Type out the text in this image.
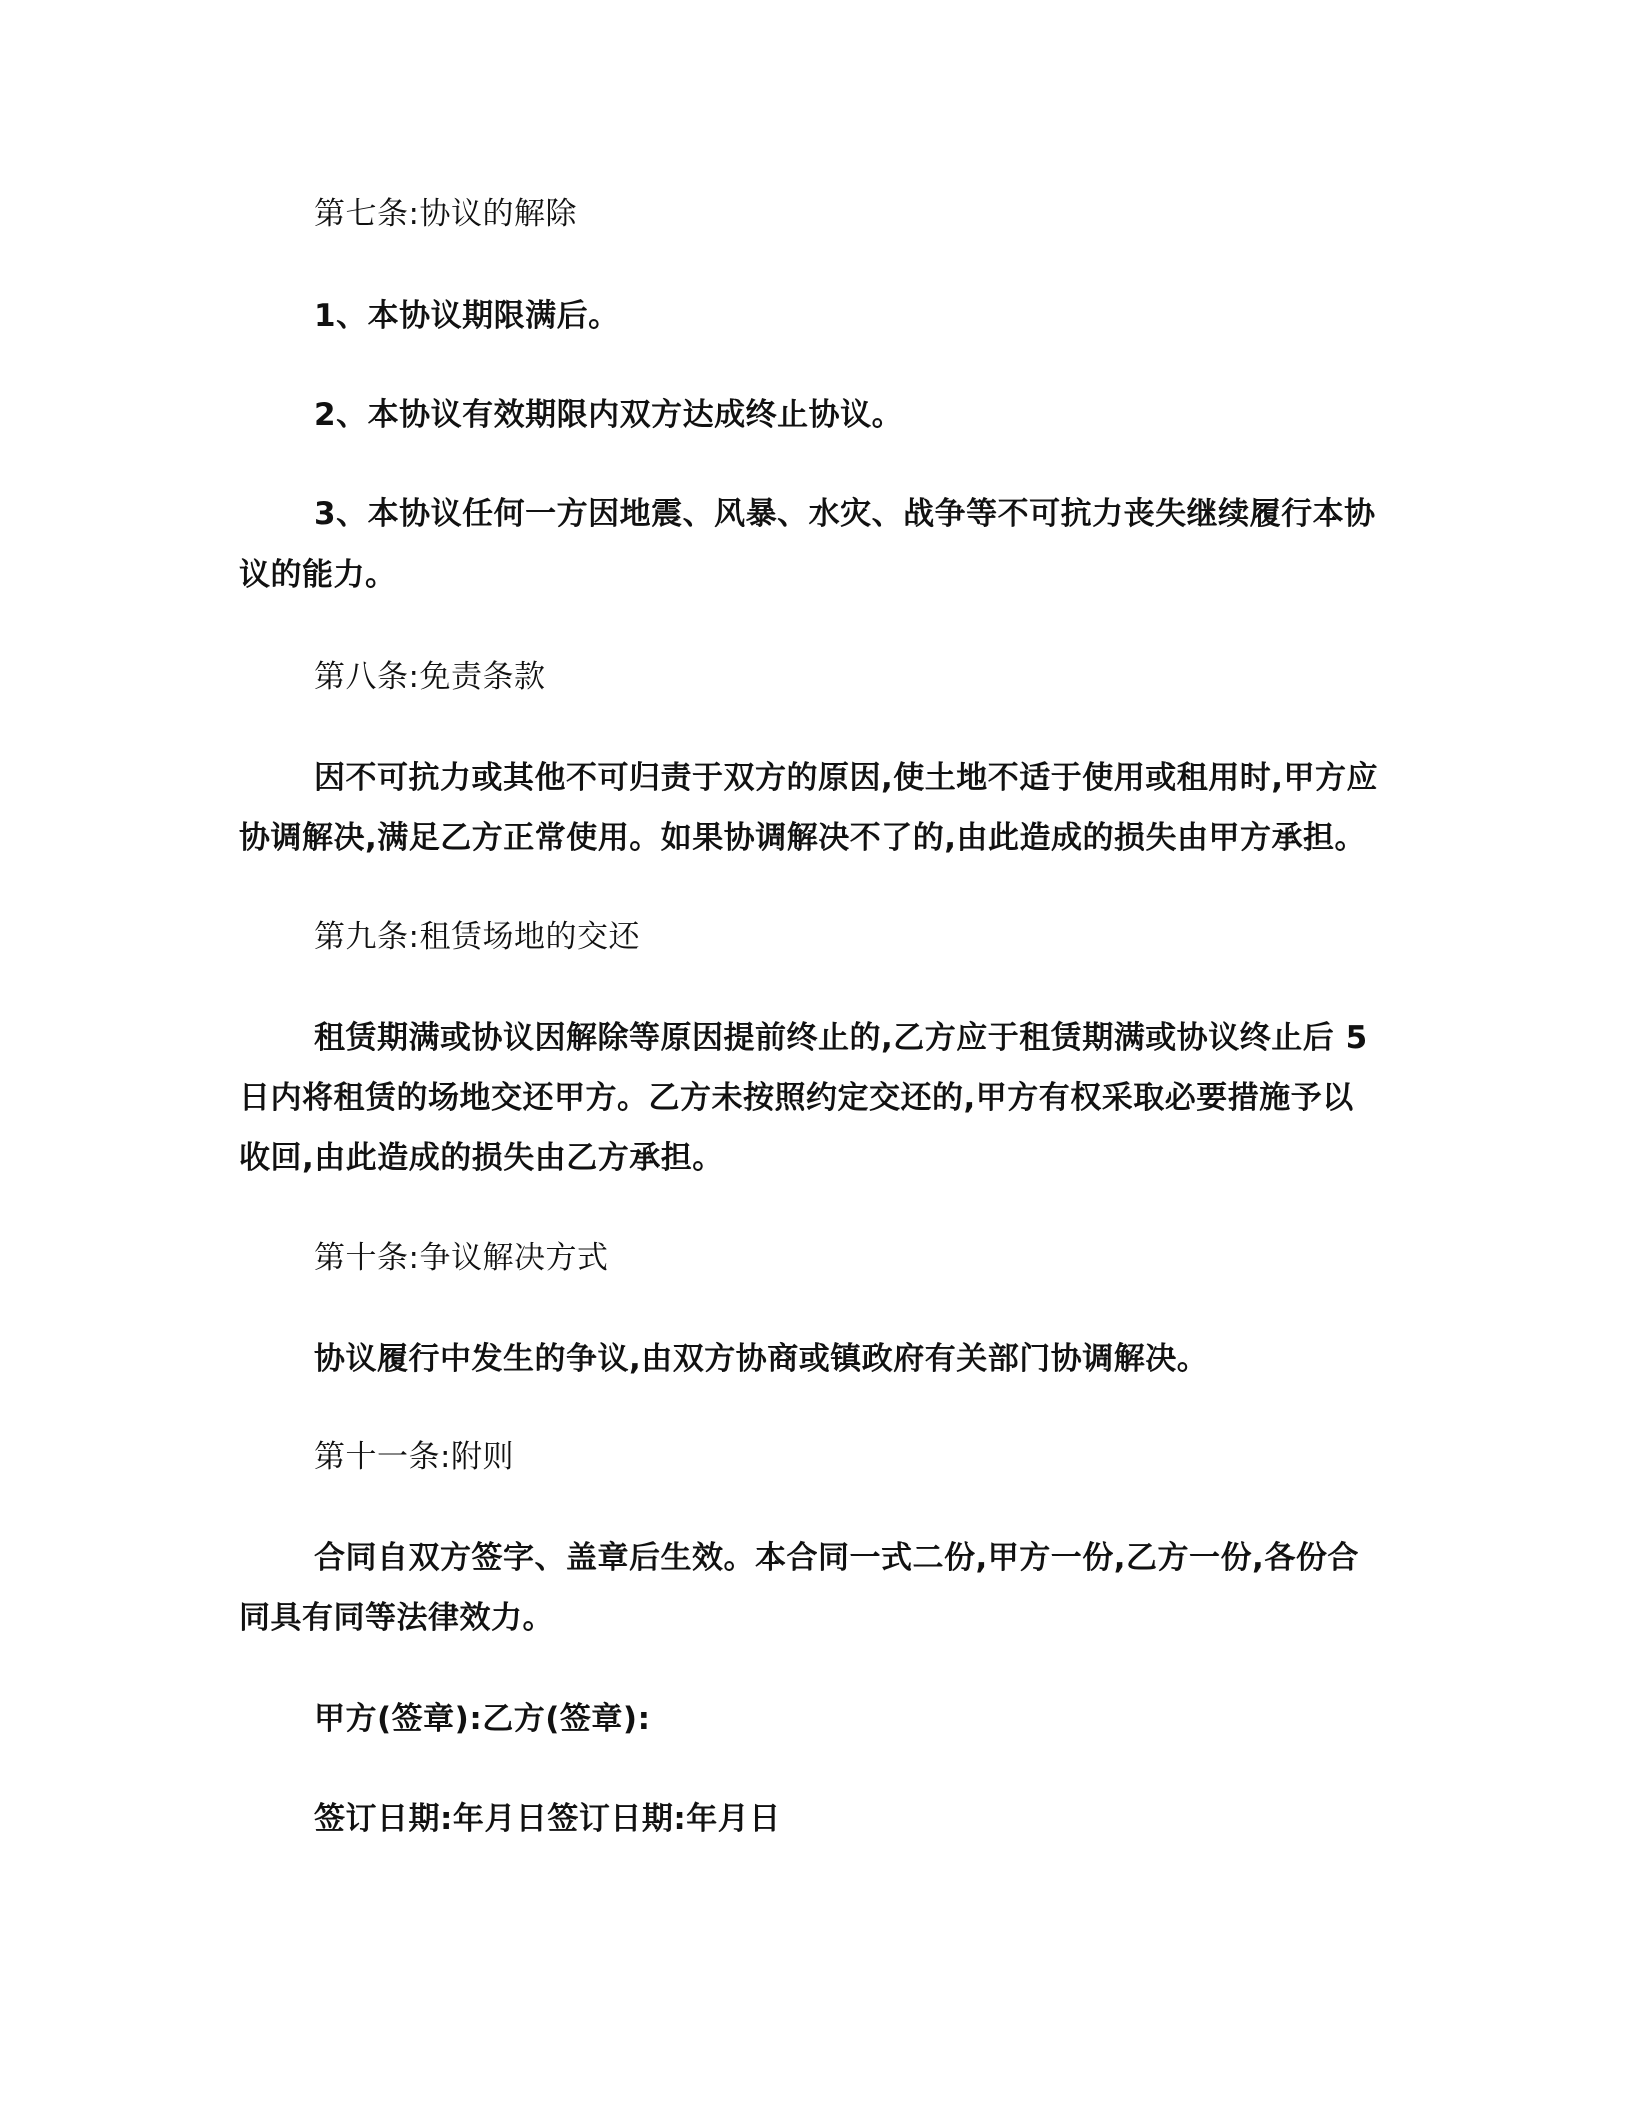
第七条:协议的解除
1、本协议期限满后。
2、本协议有效期限内双方达成终止协议。
3、本协议任何一方因地震、风暴、水灾、战争等不可抗力丧失继续履行本协
议的能力。
第八条:免责条款
因不可抗力或其他不可归责于双方的原因,使土地不适于使用或租用时,甲方应
协调解决,满足乙方正常使用。如果协调解决不了的,由此造成的损失由甲方承担。
第九条:租赁场地的交还
租赁期满或协议因解除等原因提前终止的,乙方应于租赁期满或协议终止后 5
日内将租赁的场地交还甲方。乙方未按照约定交还的,甲方有权采取必要措施予以
收回,由此造成的损失由乙方承担。
第十条:争议解决方式
协议履行中发生的争议,由双方协商或镇政府有关部门协调解决。
第十一条:附则
合同自双方签字、盖章后生效。本合同一式二份,甲方一份,乙方一份,各份合
同具有同等法律效力。
甲方(签章):乙方(签章):
签订日期:年月日签订日期:年月日
